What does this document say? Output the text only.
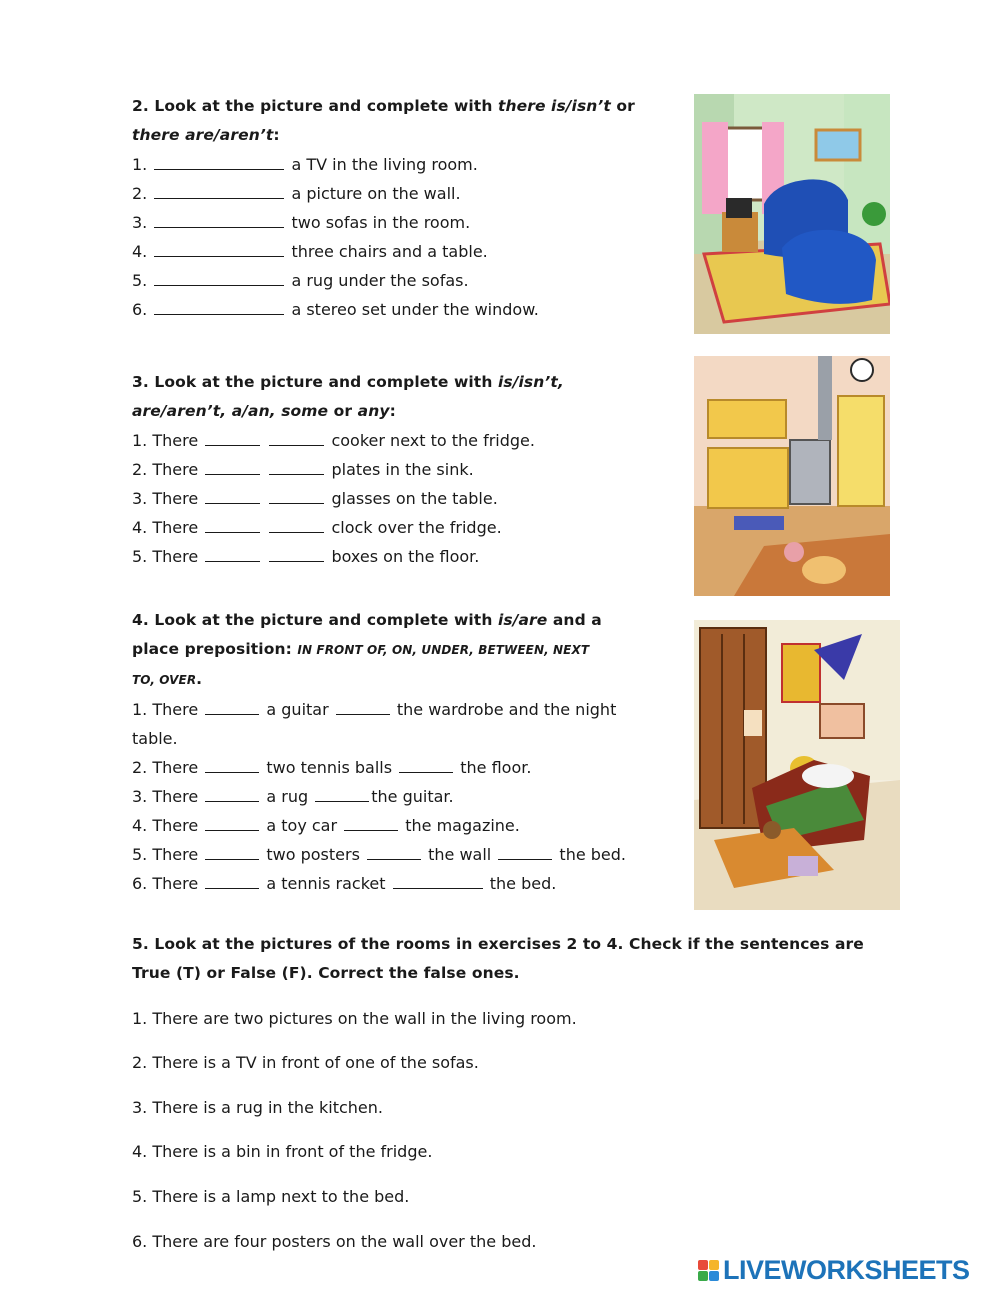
2. Look at the picture and complete with there is/isn’t or
there are/aren’t:
1.	a TV in the living room.
2.	a picture on the wall.
3.	two sofas in the room.
4.	three chairs and a table.
5.	a rug under the sofas.
6.	a stereo set under the window.
3. Look at the picture and complete with is/isn’t,
are/aren’t, a/an, some or any:
1. There	cooker next to the fridge.
2. There	plates in the sink.
3. There	glasses on the table.
4. There	clock over the fridge.
5. There	boxes on the floor.
4. Look at the picture and complete with is/are and a
place preposition: IN FRONT OF, ON, UNDER, BETWEEN, NEXT
TO, OVER.
1. There	a guitar	the wardrobe and the night
table.
2. There	two tennis balls	the floor.
3. There	a rug	the guitar.
4. There	a toy car	the magazine.
5. There	two posters	the wall	the bed.
6. There	a tennis racket	the bed.
5. Look at the pictures of the rooms in exercises 2 to 4. Check if the sentences are
True (T) or False (F). Correct the false ones.
1. There are two pictures on the wall in the living room.
2. There is a TV in front of one of the sofas.
3. There is a rug in the kitchen.
4. There is a bin in front of the fridge.
5. There is a lamp next to the bed.
6. There are four posters on the wall over the bed.
LIVEWORKSHEETS
